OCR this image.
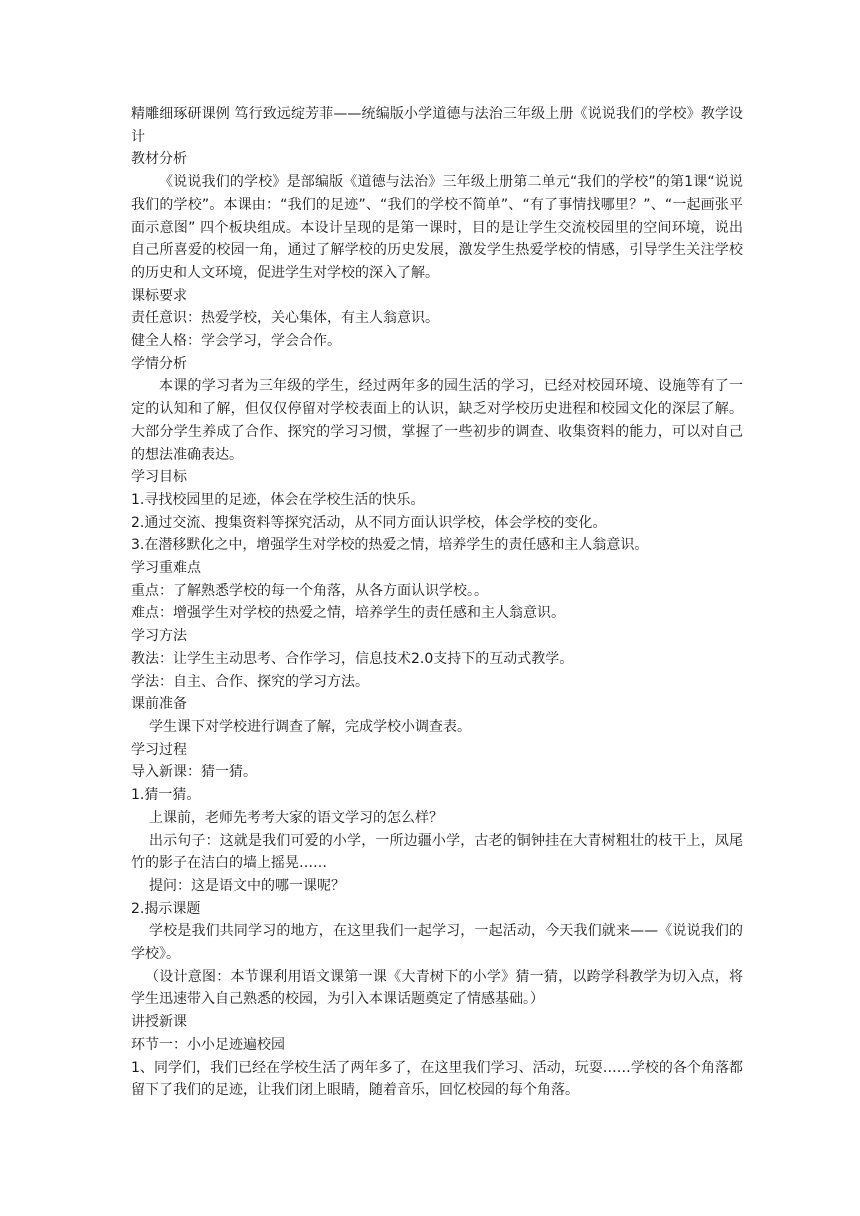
精雕细琢研课例 笃行致远绽芳菲——统编版小学道德与法治三年级上册《说说我们的学校》教学设计

教材分析

《说说我们的学校》是部编版《道德与法治》三年级上册第二单元“我们的学校”的第1课“说说我们的学校”。本课由：“我们的足迹”、“我们的学校不简单”、“有了事情找哪里？”、“一起画张平面示意图” 四个板块组成。本设计呈现的是第一课时，目的是让学生交流校园里的空间环境，说出自己所喜爱的校园一角，通过了解学校的历史发展，激发学生热爱学校的情感，引导学生关注学校的历史和人文环境，促进学生对学校的深入了解。

课标要求

责任意识：热爱学校，关心集体，有主人翁意识。

健全人格：学会学习，学会合作。

学情分析

本课的学习者为三年级的学生，经过两年多的园生活的学习，已经对校园环境、设施等有了一定的认知和了解，但仅仅停留对学校表面上的认识，缺乏对学校历史进程和校园文化的深层了解。大部分学生养成了合作、探究的学习习惯，掌握了一些初步的调查、收集资料的能力，可以对自己的想法准确表达。

学习目标

1.寻找校园里的足迹，体会在学校生活的快乐。

2.通过交流、搜集资料等探究活动，从不同方面认识学校，体会学校的变化。

3.在潜移默化之中，增强学生对学校的热爱之情，培养学生的责任感和主人翁意识。

学习重难点

重点：了解熟悉学校的每一个角落，从各方面认识学校。。

难点：增强学生对学校的热爱之情，培养学生的责任感和主人翁意识。

学习方法

教法：让学生主动思考、合作学习，信息技术2.0支持下的互动式教学。

学法：自主、合作、探究的学习方法。

课前准备

学生课下对学校进行调查了解，完成学校小调查表。

学习过程

导入新课：猜一猜。

1.猜一猜。

上课前，老师先考考大家的语文学习的怎么样？

出示句子：这就是我们可爱的小学，一所边疆小学，古老的铜钟挂在大青树粗壮的枝干上，凤尾竹的影子在洁白的墙上摇晃……

提问：这是语文中的哪一课呢？

2.揭示课题

学校是我们共同学习的地方，在这里我们一起学习，一起活动，今天我们就来——《说说我们的学校》。

（设计意图：本节课利用语文课第一课《大青树下的小学》猜一猜，以跨学科教学为切入点，将学生迅速带入自己熟悉的校园，为引入本课话题奠定了情感基础。）

讲授新课

环节一：小小足迹遍校园

1、同学们，我们已经在学校生活了两年多了，在这里我们学习、活动，玩耍……学校的各个角落都留下了我们的足迹，让我们闭上眼睛，随着音乐，回忆校园的每个角落。
